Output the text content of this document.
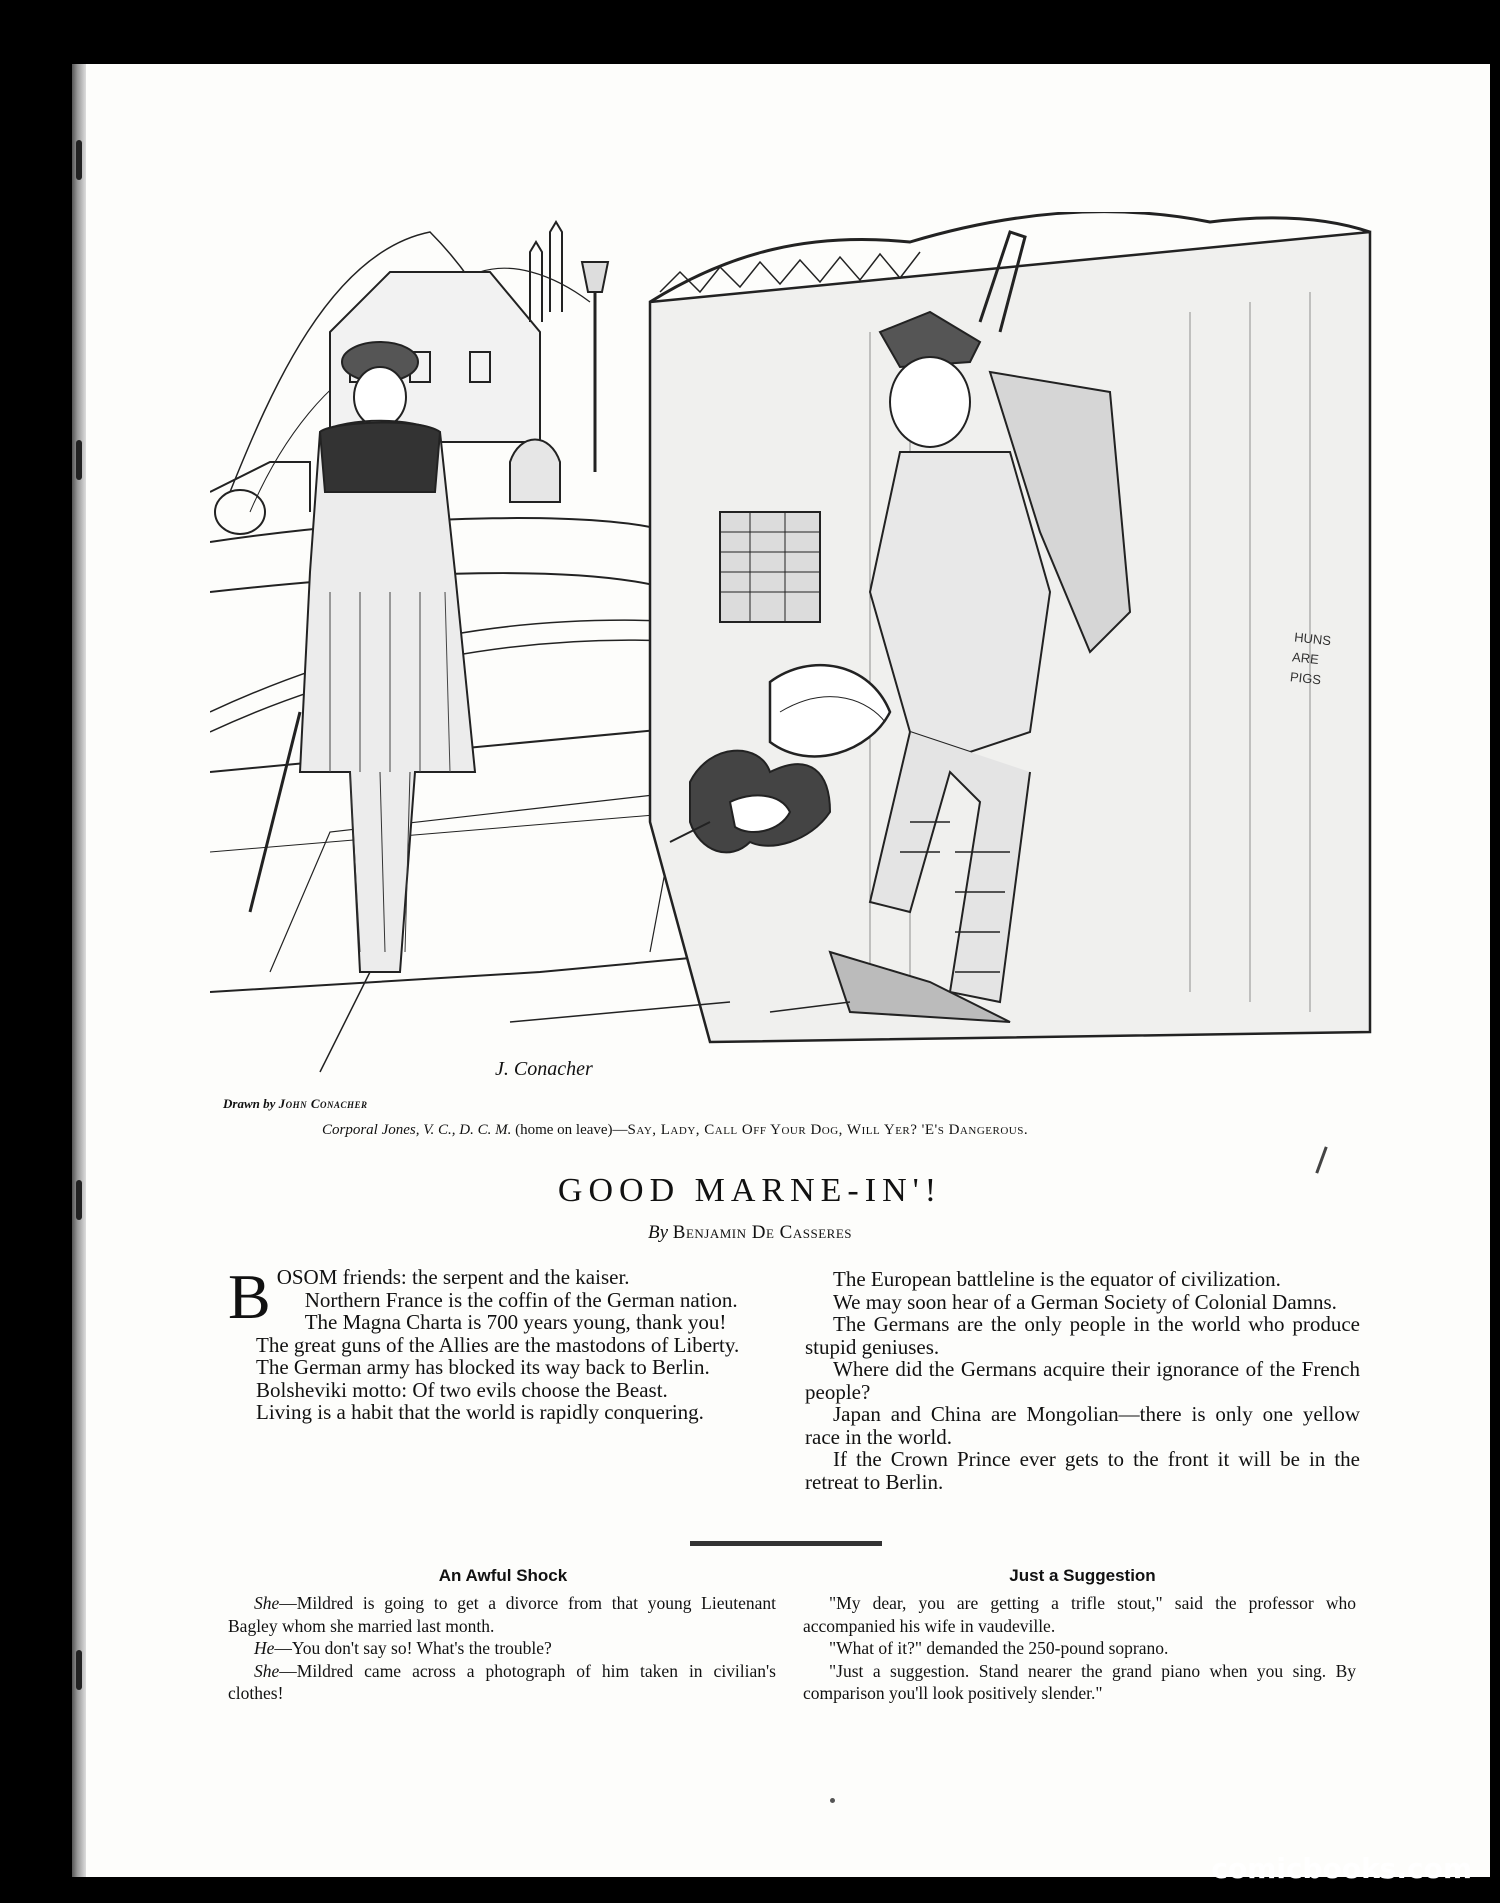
HUNS ARE PIGS
J. Conacher
Drawn by John Conacher
Corporal Jones, V. C., D. C. M. (home on leave)—Say, Lady, Call Off Your Dog, Will Yer? 'E's Dangerous.
GOOD MARNE-IN'!
By Benjamin De Casseres

BOSOM friends: the serpent and the kaiser.

Northern France is the coffin of the German nation.

The Magna Charta is 700 years young, thank you!

The great guns of the Allies are the mastodons of Liberty.

The German army has blocked its way back to Berlin.

Bolsheviki motto: Of two evils choose the Beast.

Living is a habit that the world is rapidly conquering.

The European battleline is the equator of civilization.

We may soon hear of a German Society of Colonial Damns.

The Germans are the only people in the world who produce stupid geniuses.

Where did the Germans acquire their ignorance of the French people?

Japan and China are Mongolian—there is only one yellow race in the world.

If the Crown Prince ever gets to the front it will be in the retreat to Berlin.

An Awful Shock

She—Mildred is going to get a divorce from that young Lieutenant Bagley whom she married last month.

He—You don't say so! What's the trouble?

She—Mildred came across a photograph of him taken in civilian's clothes!

Just a Suggestion

"My dear, you are getting a trifle stout," said the professor who accompanied his wife in vaudeville.

"What of it?" demanded the 250-pound soprano.

"Just a suggestion. Stand nearer the grand piano when you sing. By comparison you'll look positively slender."

comicbooks.com
